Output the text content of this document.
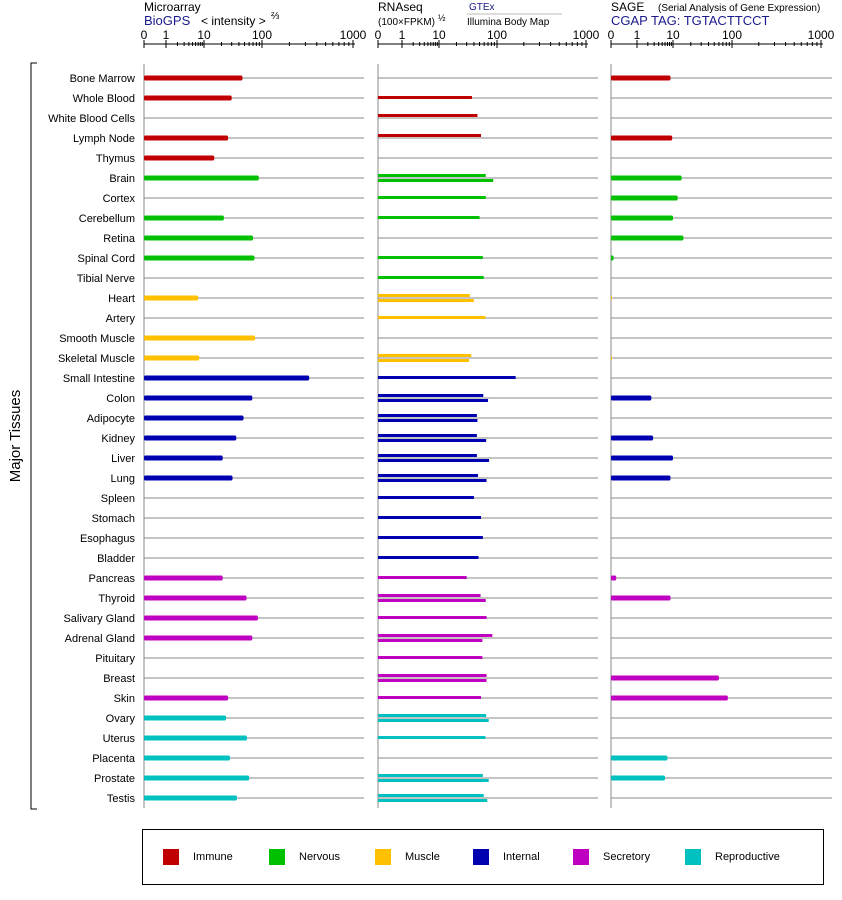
Major Tissues
Bone Marrow
Whole Blood
White Blood Cells
Lymph Node
Thymus
Brain
Cortex
Cerebellum
Retina
Spinal Cord
Tibial Nerve
Heart
Artery
Smooth Muscle
Skeletal Muscle
Small Intestine
Colon
Adipocyte
Kidney
Liver
Lung
Spleen
Stomach
Esophagus
Bladder
Pancreas
Thyroid
Salivary Gland
Adrenal Gland
Pituitary
Breast
Skin
Ovary
Uterus
Placenta
Prostate
Testis
Microarray
BioGPS < intensity > ⅔
0 1 10	100	1000
RNAseq
(100×FPKM) ½
GTEx
Illumina Body Map
0 1 10	100	1000
SAGE (Serial Analysis of Gene Expression)
CGAP TAG: TGTACTTCCT
0 1 10	100	1000
Immune	Nervous	Muscle	Internal	Secretory	Reproductive
